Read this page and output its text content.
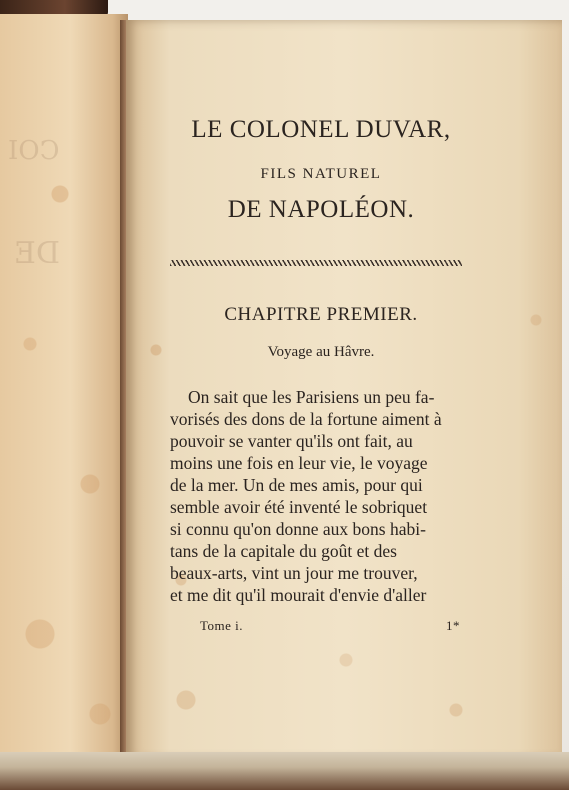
COI
DE
LE COLONEL DUVAR,
FILS NATUREL
DE NAPOLÉON.
CHAPITRE PREMIER.
Voyage au Hâvre.
On sait que les Parisiens un peu fa-
vorisés des dons de la fortune aiment à
pouvoir se vanter qu'ils ont fait, au
moins une fois en leur vie, le voyage
de la mer. Un de mes amis, pour qui
semble avoir été inventé le sobriquet
si connu qu'on donne aux bons habi-
tans de la capitale du goût et des
beaux-arts, vint un jour me trouver,
et me dit qu'il mourait d'envie d'aller
Tome i.	1*
